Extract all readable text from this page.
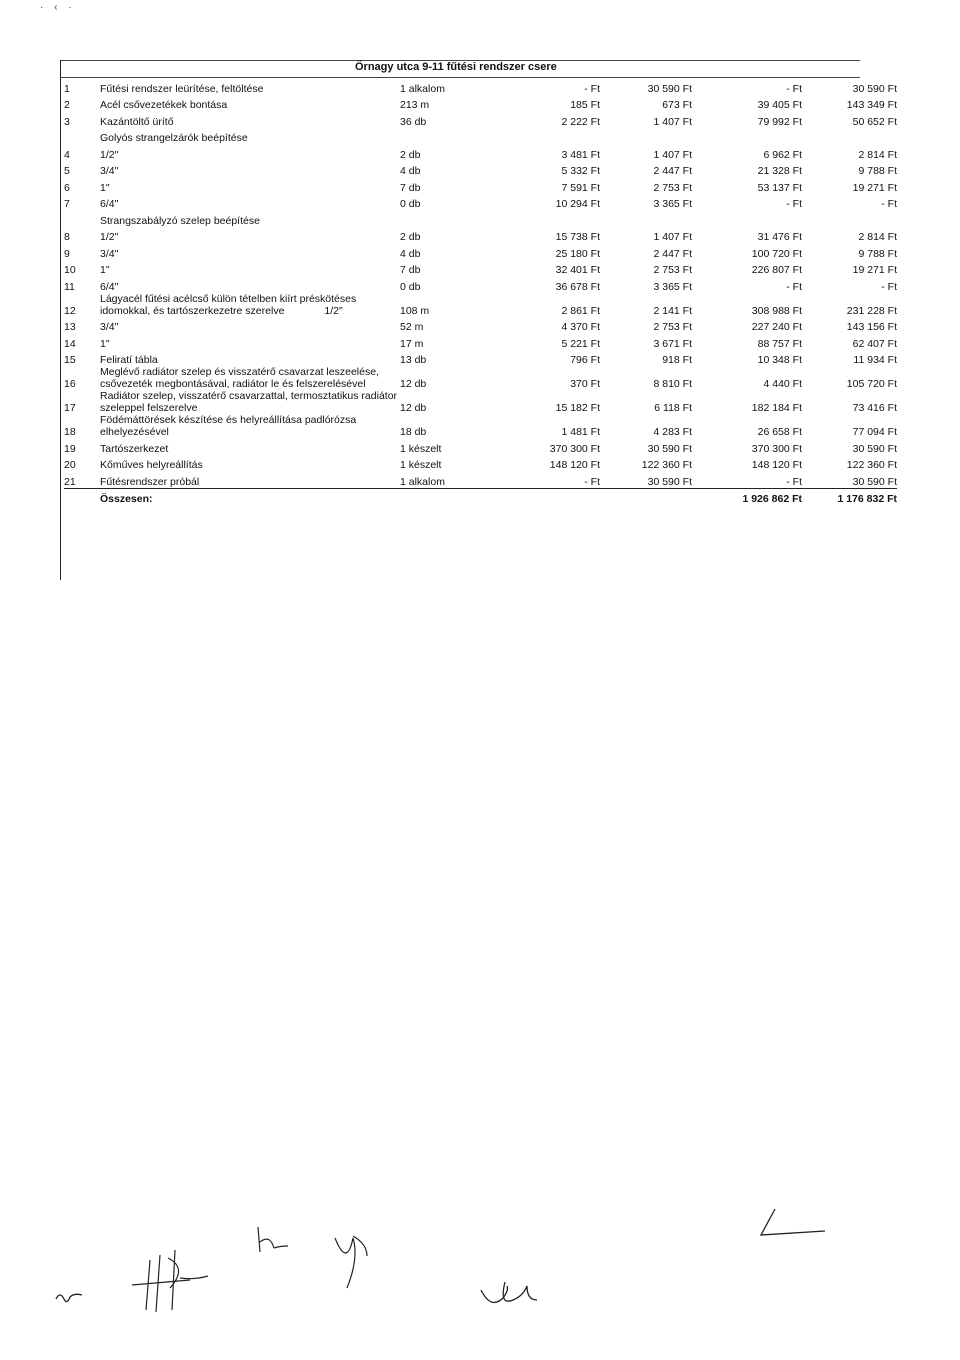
· ‹ ·
Örnagy utca 9-11 fűtési rendszer csere
1	Fűtési rendszer leürítése, feltöltése	1 alkalom	- Ft	30 590 Ft	- Ft	30 590 Ft
2	Acél csővezetékek bontása	213 m	185 Ft	673 Ft	39 405 Ft	143 349 Ft
3	Kazántöltő ürítő	36 db	2 222 Ft	1 407 Ft	79 992 Ft	50 652 Ft
	Golyós strangelzárók beépítése					
4	1/2"	2 db	3 481 Ft	1 407 Ft	6 962 Ft	2 814 Ft
5	3/4"	4 db	5 332 Ft	2 447 Ft	21 328 Ft	9 788 Ft
6	1"	7 db	7 591 Ft	2 753 Ft	53 137 Ft	19 271 Ft
7	6/4"	0 db	10 294 Ft	3 365 Ft	- Ft	- Ft
	Strangszabályzó szelep beépítése					
8	1/2"	2 db	15 738 Ft	1 407 Ft	31 476 Ft	2 814 Ft
9	3/4"	4 db	25 180 Ft	2 447 Ft	100 720 Ft	9 788 Ft
10	1"	7 db	32 401 Ft	2 753 Ft	226 807 Ft	19 271 Ft
11	6/4"	0 db	36 678 Ft	3 365 Ft	- Ft	- Ft
12	Lágyacél fűtési acélcső külön tételben kiírt préskötéses idomokkal, és tartószerkezetre szerelve 1/2"	108 m	2 861 Ft	2 141 Ft	308 988 Ft	231 228 Ft
13	3/4"	52 m	4 370 Ft	2 753 Ft	227 240 Ft	143 156 Ft
14	1"	17 m	5 221 Ft	3 671 Ft	88 757 Ft	62 407 Ft
15	Feliratí tábla	13 db	796 Ft	918 Ft	10 348 Ft	11 934 Ft
16	Meglévő radiátor szelep és visszatérő csavarzat leszeelése, csővezeték megbontásával, radiátor le és felszerelésével	12 db	370 Ft	8 810 Ft	4 440 Ft	105 720 Ft
17	Radiátor szelep, visszatérő csavarzattal, termosztatikus radiátor szeleppel felszerelve	12 db	15 182 Ft	6 118 Ft	182 184 Ft	73 416 Ft
18	Födémáttörések készítése és helyreállítása padlórózsa elhelyezésével	18 db	1 481 Ft	4 283 Ft	26 658 Ft	77 094 Ft
19	Tartószerkezet	1 készelt	370 300 Ft	30 590 Ft	370 300 Ft	30 590 Ft
20	Kőműves helyreállítás	1 készelt	148 120 Ft	122 360 Ft	148 120 Ft	122 360 Ft
21	Fűtésrendszer próbál	1 alkalom	- Ft	30 590 Ft	- Ft	30 590 Ft
	Összesen:				1 926 862 Ft	1 176 832 Ft
